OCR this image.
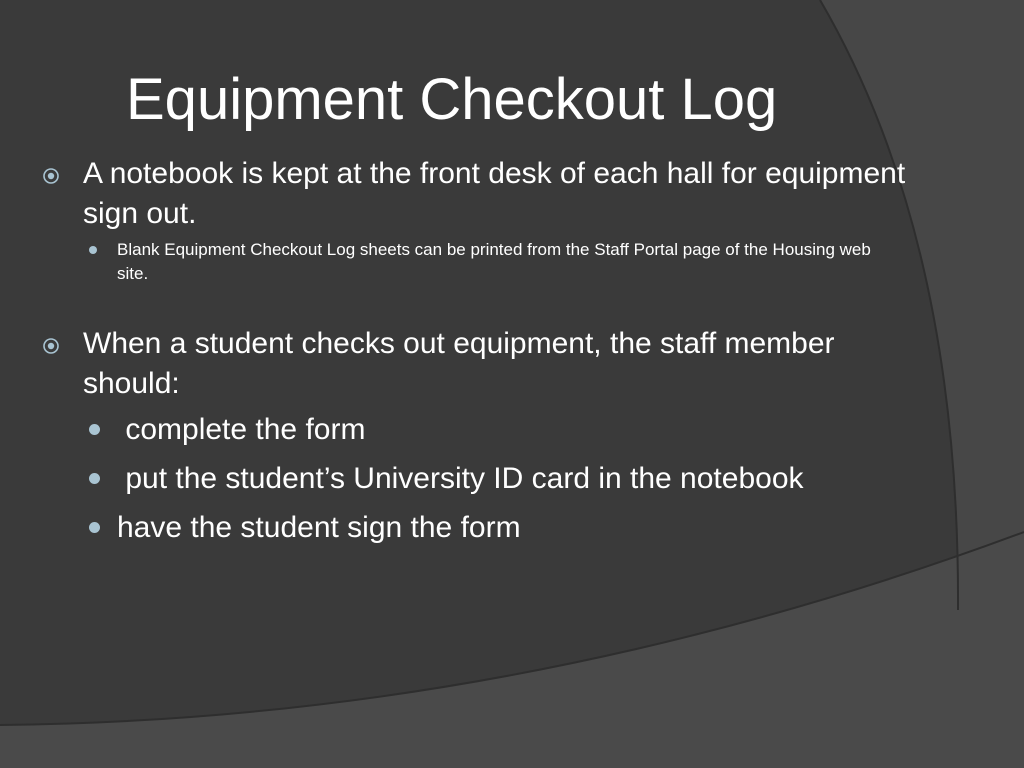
Equipment Checkout Log
A notebook is kept at the front desk of each hall for equipment sign out.
Blank Equipment Checkout Log sheets can be printed from the Staff Portal page of the Housing web site.
When a student checks out equipment, the staff member should:
complete the form
put the student’s University ID card in the notebook
have the student sign the form
